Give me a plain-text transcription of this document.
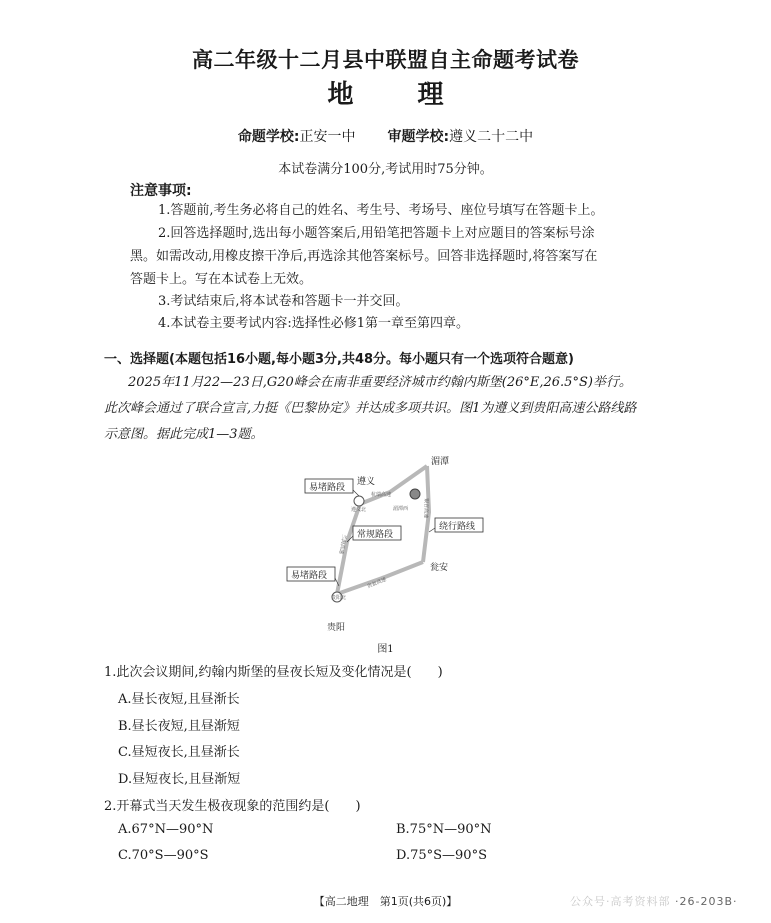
高二年级十二月县中联盟自主命题考试卷
地 理
命题学校:正安一中 审题学校:遵义二十二中
本试卷满分100分,考试用时75分钟。
注意事项:
1.答题前,考生务必将自己的姓名、考生号、考场号、座位号填写在答题卡上。
2.回答选择题时,选出每小题答案后,用铅笔把答题卡上对应题目的答案标号涂
黑。如需改动,用橡皮擦干净后,再选涂其他答案标号。回答非选择题时,将答案写在
答题卡上。写在本试卷上无效。
3.考试结束后,将本试卷和答题卡一并交回。
4.本试卷主要考试内容:选择性必修1第一章至第四章。
一、选择题(本题包括16小题,每小题3分,共48分。每小题只有一个选项符合题意)
2025年11月22—23日,G20峰会在南非重要经济城市约翰内斯堡(26°E,26.5°S)举行。
此次峰会通过了联合宣言,力挺《巴黎协定》并达成多项共识。图1为遵义到贵阳高速公路线路
示意图。据此完成1—3题。
湄潭
遵义
瓮安
贵阳
杭瑞高速
银百高速
兰海高速
贵瓮高速
遵义北	湄潭西
贵阳北
易堵路段
常规路段
绕行路线
易堵路段
图1
1.此次会议期间,约翰内斯堡的昼夜长短及变化情况是(　　)
A.昼长夜短,且昼渐长
B.昼长夜短,且昼渐短
C.昼短夜长,且昼渐长
D.昼短夜长,且昼渐短
2.开幕式当天发生极夜现象的范围约是(　　)
A.67°N—90°N	B.75°N—90°N
C.70°S—90°S	D.75°S—90°S
【高二地理　第1页(共6页)】	公众号·高考资料部 ·26-203B·
